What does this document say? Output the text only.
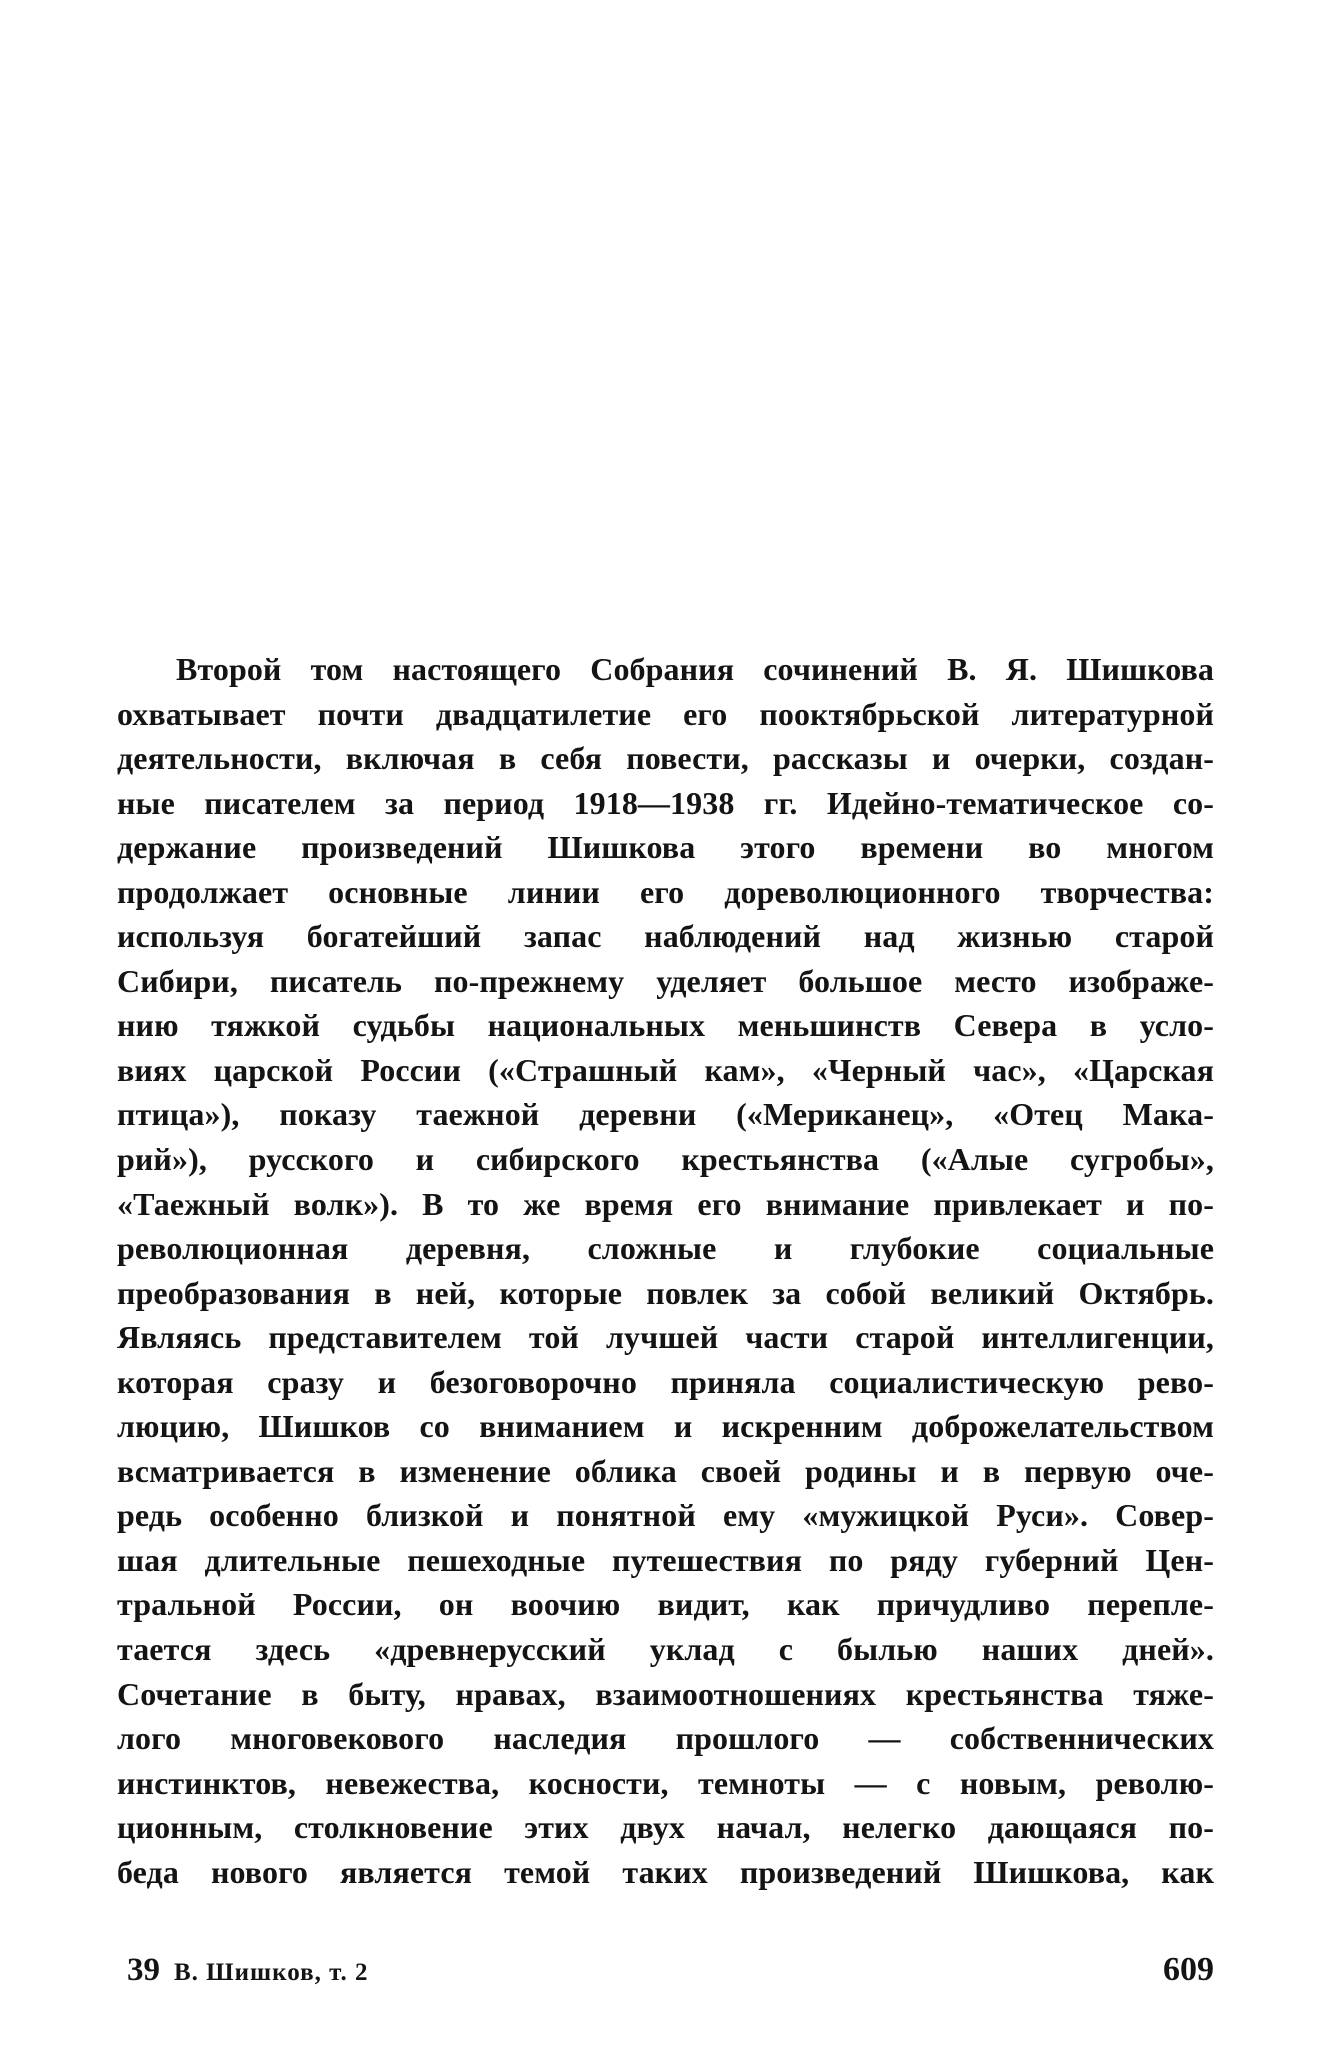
Второй том настоящего Собрания сочинений В. Я. Шишкова
охватывает почти двадцатилетие его пооктябрьской литературной
деятельности, включая в себя повести, рассказы и очерки, создан-
ные писателем за период 1918—1938 гг. Идейно-тематическое со-
держание произведений Шишкова этого времени во многом
продолжает основные линии его дореволюционного творчества:
используя богатейший запас наблюдений над жизнью старой
Сибири, писатель по-прежнему уделяет большое место изображе-
нию тяжкой судьбы национальных меньшинств Севера в усло-
виях царской России («Страшный кам», «Черный час», «Царская
птица»), показу таежной деревни («Мериканец», «Отец Мака-
рий»), русского и сибирского крестьянства («Алые сугробы»,
«Таежный волк»). В то же время его внимание привлекает и по-
революционная деревня, сложные и глубокие социальные
преобразования в ней, которые повлек за собой великий Октябрь.
Являясь представителем той лучшей части старой интеллигенции,
которая сразу и безоговорочно приняла социалистическую рево-
люцию, Шишков со вниманием и искренним доброжелательством
всматривается в изменение облика своей родины и в первую оче-
редь особенно близкой и понятной ему «мужицкой Руси». Совер-
шая длительные пешеходные путешествия по ряду губерний Цен-
тральной России, он воочию видит, как причудливо перепле-
тается здесь «древнерусский уклад с былью наших дней».
Сочетание в быту, нравах, взаимоотношениях крестьянства тяже-
лого многовекового наследия прошлого — собственнических
инстинктов, невежества, косности, темноты — с новым, револю-
ционным, столкновение этих двух начал, нелегко дающаяся по-
беда нового является темой таких произведений Шишкова, как
39 В. Шишков, т. 2	609
